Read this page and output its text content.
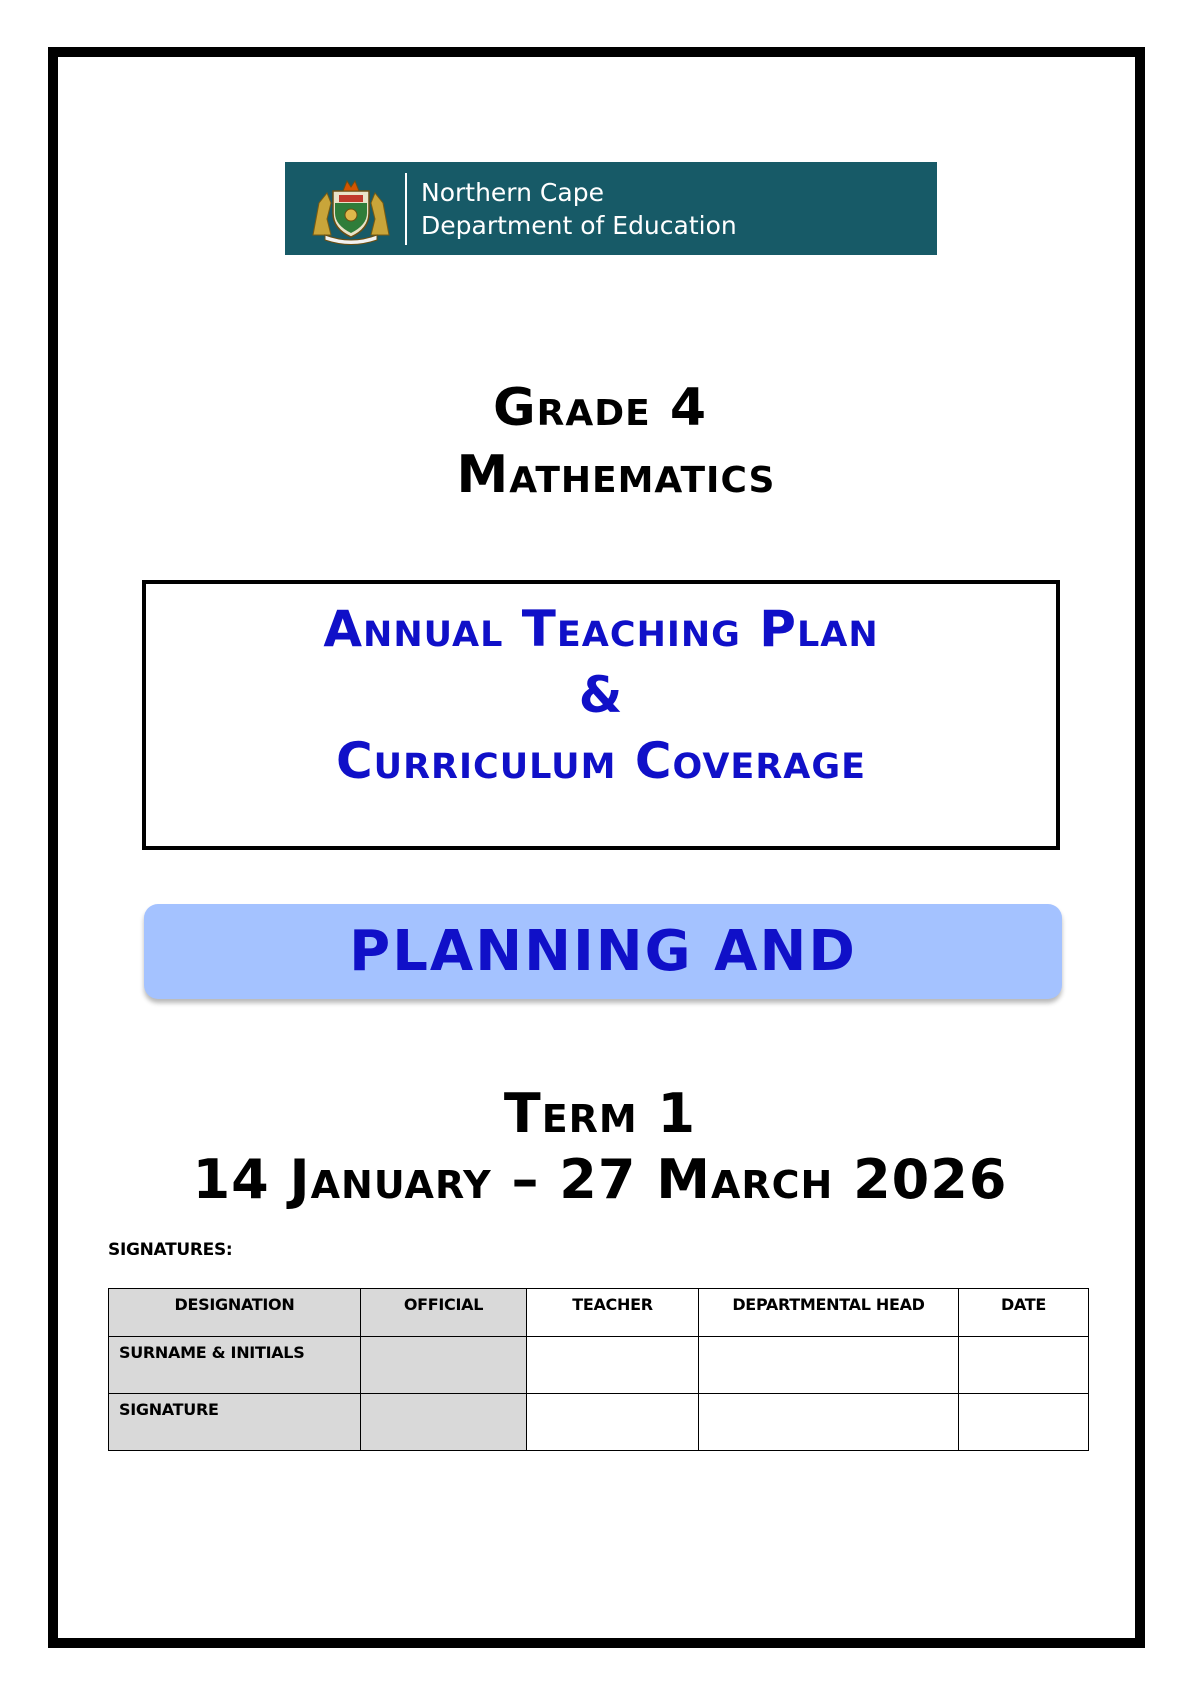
Northern Cape
Department of Education
Grade 4
Mathematics
Annual Teaching Plan
&
Curriculum Coverage
PLANNING AND
Term 1
14 January – 27 March 2026
SIGNATURES:
DESIGNATION	OFFICIAL	TEACHER	DEPARTMENTAL HEAD	DATE
SURNAME & INITIALS				
SIGNATURE				
